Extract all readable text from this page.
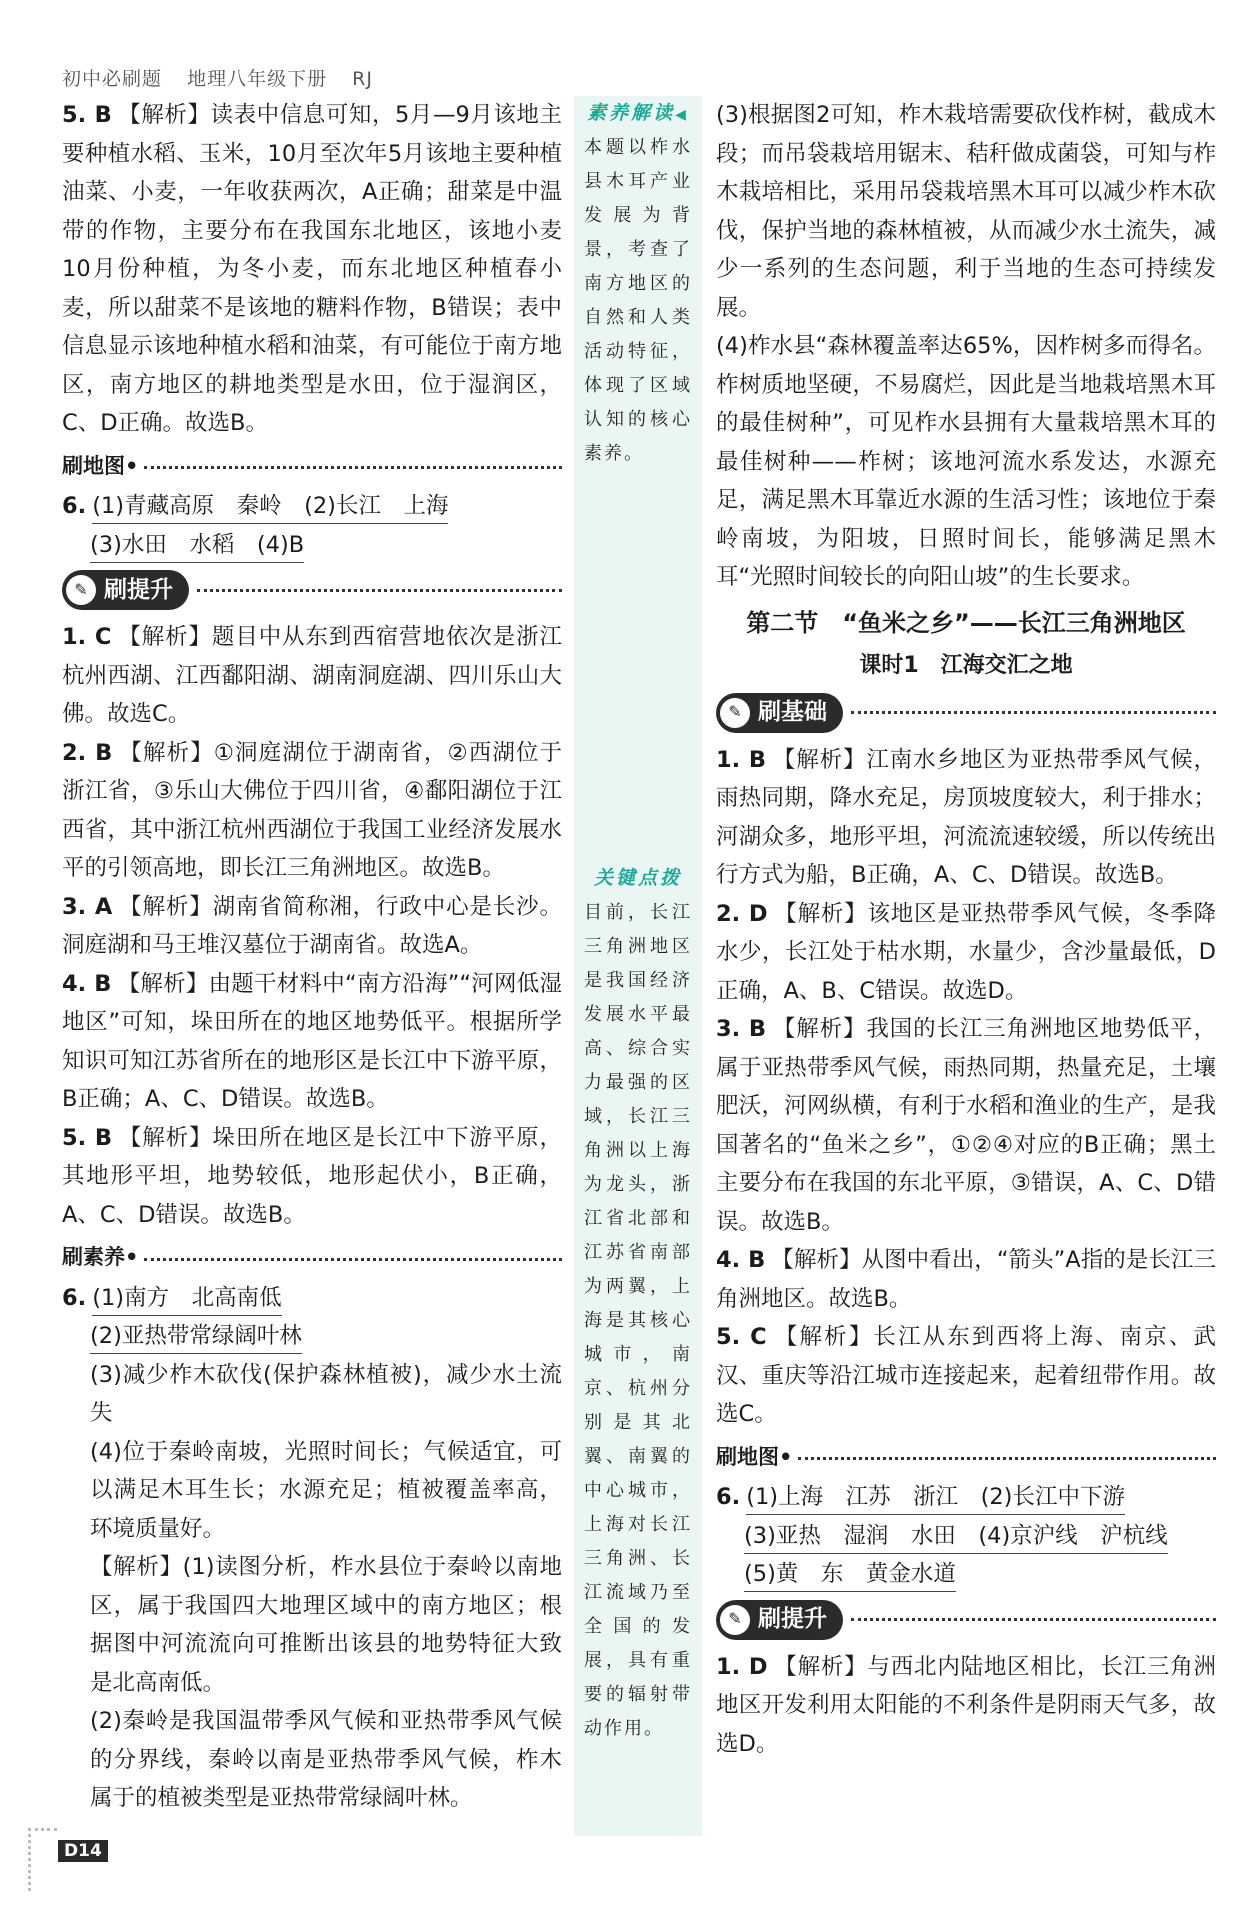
初中必刷题 地理八年级下册 RJ

5. B 【解析】读表中信息可知，5月—9月该地主要种植水稻、玉米，10月至次年5月该地主要种植油菜、小麦，一年收获两次，A正确；甜菜是中温带的作物，主要分布在我国东北地区，该地小麦10月份种植，为冬小麦，而东北地区种植春小麦，所以甜菜不是该地的糖料作物，B错误；表中信息显示该地种植水稻和油菜，有可能位于南方地区，南方地区的耕地类型是水田，位于湿润区，C、D正确。故选B。

刷地图 •

6. (1)青藏高原　秦岭　(2)长江　上海

(3)水田　水稻　(4)B

✎ 刷提升

1. C 【解析】题目中从东到西宿营地依次是浙江杭州西湖、江西鄱阳湖、湖南洞庭湖、四川乐山大佛。故选C。

2. B 【解析】①洞庭湖位于湖南省，②西湖位于浙江省，③乐山大佛位于四川省，④鄱阳湖位于江西省，其中浙江杭州西湖位于我国工业经济发展水平的引领高地，即长江三角洲地区。故选B。

3. A 【解析】湖南省简称湘，行政中心是长沙。洞庭湖和马王堆汉墓位于湖南省。故选A。

4. B 【解析】由题干材料中“南方沿海”“河网低湿地区”可知，垛田所在的地区地势低平。根据所学知识可知江苏省所在的地形区是长江中下游平原，B正确；A、C、D错误。故选B。

5. B 【解析】垛田所在地区是长江中下游平原，其地形平坦，地势较低，地形起伏小，B正确，A、C、D错误。故选B。

刷素养 •

6. (1)南方　北高南低

(2)亚热带常绿阔叶林

(3)减少柞木砍伐(保护森林植被)，减少水土流失

(4)位于秦岭南坡，光照时间长；气候适宜，可以满足木耳生长；水源充足；植被覆盖率高，环境质量好。

【解析】(1)读图分析，柞水县位于秦岭以南地区，属于我国四大地理区域中的南方地区；根据图中河流流向可推断出该县的地势特征大致是北高南低。

(2)秦岭是我国温带季风气候和亚热带季风气候的分界线，秦岭以南是亚热带季风气候，柞木属于的植被类型是亚热带常绿阔叶林。

素养解读◀
本题以柞水县木耳产业发展为背景，考查了南方地区的自然和人类活动特征，体现了区域认知的核心素养。
关键点拨
目前，长江三角洲地区是我国经济发展水平最高、综合实力最强的区域，长江三角洲以上海为龙头，浙江省北部和江苏省南部为两翼，上海是其核心城市，南京、杭州分别是其北翼、南翼的中心城市，上海对长江三角洲、长江流域乃至全国的发展，具有重要的辐射带动作用。

(3)根据图2可知，柞木栽培需要砍伐柞树，截成木段；而吊袋栽培用锯末、秸秆做成菌袋，可知与柞木栽培相比，采用吊袋栽培黑木耳可以减少柞木砍伐，保护当地的森林植被，从而减少水土流失，减少一系列的生态问题，利于当地的生态可持续发展。

(4)柞水县“森林覆盖率达65%，因柞树多而得名。柞树质地坚硬，不易腐烂，因此是当地栽培黑木耳的最佳树种”，可见柞水县拥有大量栽培黑木耳的最佳树种——柞树；该地河流水系发达，水源充足，满足黑木耳靠近水源的生活习性；该地位于秦岭南坡，为阳坡，日照时间长，能够满足黑木耳“光照时间较长的向阳山坡”的生长要求。

第二节　“鱼米之乡”——长江三角洲地区
课时1　江海交汇之地
✎ 刷基础

1. B 【解析】江南水乡地区为亚热带季风气候，雨热同期，降水充足，房顶坡度较大，利于排水；河湖众多，地形平坦，河流流速较缓，所以传统出行方式为船，B正确，A、C、D错误。故选B。

2. D 【解析】该地区是亚热带季风气候，冬季降水少，长江处于枯水期，水量少，含沙量最低，D正确，A、B、C错误。故选D。

3. B 【解析】我国的长江三角洲地区地势低平，属于亚热带季风气候，雨热同期，热量充足，土壤肥沃，河网纵横，有利于水稻和渔业的生产，是我国著名的“鱼米之乡”，①②④对应的B正确；黑土主要分布在我国的东北平原，③错误，A、C、D错误。故选B。

4. B 【解析】从图中看出，“箭头”A指的是长江三角洲地区。故选B。

5. C 【解析】长江从东到西将上海、南京、武汉、重庆等沿江城市连接起来，起着纽带作用。故选C。

刷地图 •

6. (1)上海　江苏　浙江　(2)长江中下游

(3)亚热　湿润　水田　(4)京沪线　沪杭线

(5)黄　东　黄金水道

✎ 刷提升

1. D 【解析】与西北内陆地区相比，长江三角洲地区开发利用太阳能的不利条件是阴雨天气多，故选D。

D14
